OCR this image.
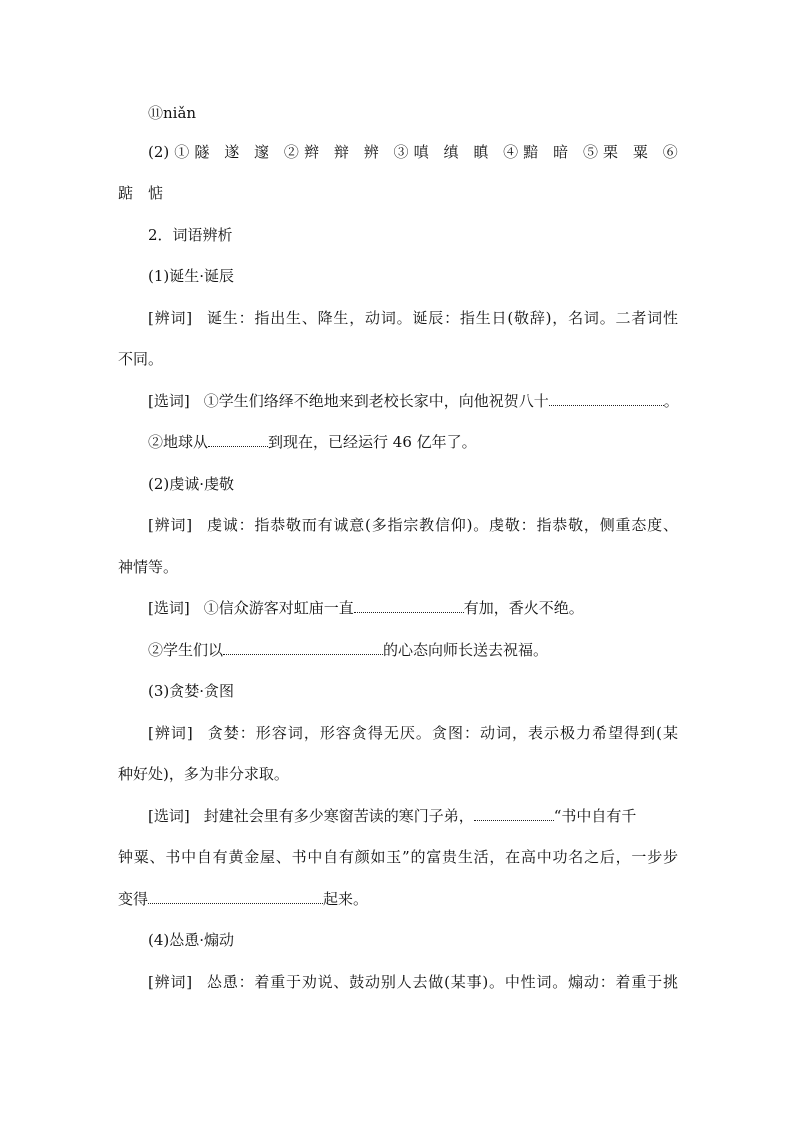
⑪niǎn
(2)①隧 遂 邃 ②辫 辩 辨 ③嗔 缜 瞋 ④黯 暗 ⑤栗 粟 ⑥
踮　惦
2．词语辨析
(1)诞生·诞辰
[辨词] 诞生：指出生、降生，动词。诞辰：指生日(敬辞)，名词。二者词性
不同。
[选词] ①学生们络绎不绝地来到老校长家中，向他祝贺八十	。
②地球从	到现在，已经运行 46 亿年了。
(2)虔诚·虔敬
[辨词] 虔诚：指恭敬而有诚意(多指宗教信仰)。虔敬：指恭敬，侧重态度、
神情等。
[选词] ①信众游客对虹庙一直	有加，香火不绝。
②学生们以	的心态向师长送去祝福。
(3)贪婪·贪图
[辨词] 贪婪：形容词，形容贪得无厌。贪图：动词，表示极力希望得到(某
种好处)，多为非分求取。
[选词] 封建社会里有多少寒窗苦读的寒门子弟，	“书中自有千
钟粟、书中自有黄金屋、书中自有颜如玉”的富贵生活，在高中功名之后，一步步
变得	起来。
(4)怂恿·煽动
[辨词] 怂恿：着重于劝说、鼓动别人去做(某事)。中性词。煽动：着重于挑
